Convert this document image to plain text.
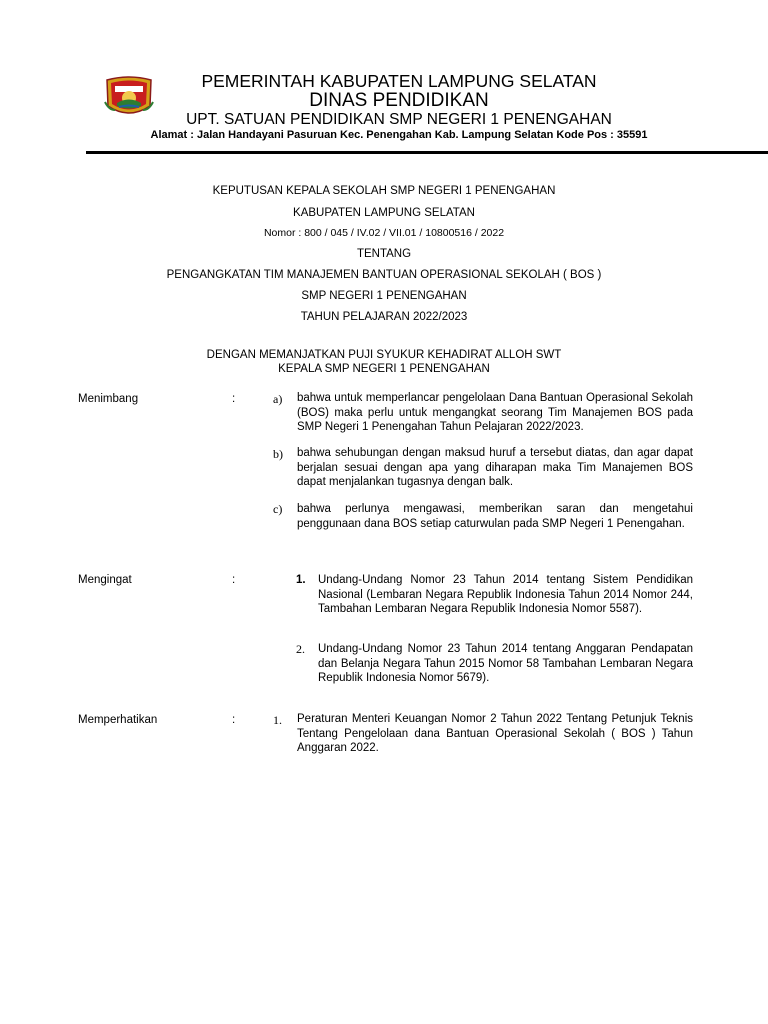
PEMERINTAH KABUPATEN LAMPUNG SELATAN
DINAS PENDIDIKAN
UPT. SATUAN PENDIDIKAN SMP NEGERI 1 PENENGAHAN
Alamat : Jalan Handayani Pasuruan Kec. Penengahan Kab. Lampung Selatan Kode Pos : 35591
KEPUTUSAN KEPALA SEKOLAH SMP NEGERI 1 PENENGAHAN
KABUPATEN LAMPUNG SELATAN
Nomor : 800 / 045 / IV.02 / VII.01 / 10800516 / 2022
TENTANG
PENGANGKATAN TIM MANAJEMEN BANTUAN OPERASIONAL SEKOLAH ( BOS )
SMP NEGERI 1 PENENGAHAN
TAHUN PELAJARAN 2022/2023
DENGAN MEMANJATKAN PUJI SYUKUR KEHADIRAT ALLOH SWT
KEPALA SMP NEGERI 1 PENENGAHAN
Menimbang	:	a) bahwa untuk memperlancar pengelolaan Dana Bantuan Operasional Sekolah (BOS) maka perlu untuk mengangkat seorang Tim Manajemen BOS pada SMP Negeri 1 Penengahan Tahun Pelajaran 2022/2023.
b) bahwa sehubungan dengan maksud huruf a tersebut diatas, dan agar dapat berjalan sesuai dengan apa yang diharapan maka Tim Manajemen BOS dapat menjalankan tugasnya dengan balk.
c) bahwa perlunya mengawasi, memberikan saran dan mengetahui penggunaan dana BOS setiap caturwulan pada SMP Negeri 1 Penengahan.
Mengingat	:	1. Undang-Undang Nomor 23 Tahun 2014 tentang Sistem Pendidikan Nasional (Lembaran Negara Republik Indonesia Tahun 2014 Nomor 244, Tambahan Lembaran Negara Republik Indonesia Nomor 5587).
2. Undang-Undang Nomor 23 Tahun 2014 tentang Anggaran Pendapatan dan Belanja Negara Tahun 2015 Nomor 58 Tambahan Lembaran Negara Republik Indonesia Nomor 5679).
Memperhatikan	:	1. Peraturan Menteri Keuangan Nomor 2 Tahun 2022 Tentang Petunjuk Teknis Tentang Pengelolaan dana Bantuan Operasional Sekolah ( BOS ) Tahun Anggaran 2022.
